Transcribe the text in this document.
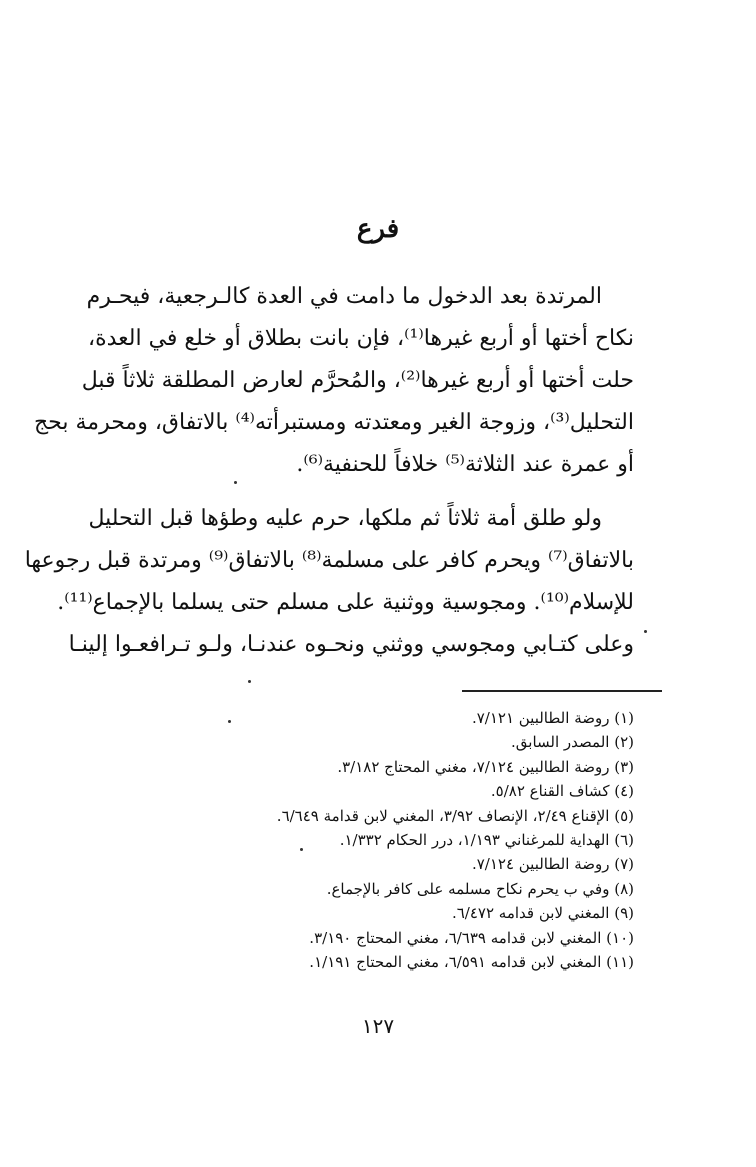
فرع
المرتدة بعد الدخول ما دامت في العدة كالـرجعية، فيحـرم
نكاح أختها أو أربع غيرها⁽¹⁾، فإن بانت بطلاق أو خلع في العدة،
حلت أختها أو أربع غيرها⁽²⁾، والمُحرَّم لعارض المطلقة ثلاثاً قبل
التحليل⁽³⁾، وزوجة الغير ومعتدته ومستبرأته⁽⁴⁾ بالاتفاق، ومحرمة بحج
أو عمرة عند الثلاثة⁽⁵⁾ خلافاً للحنفية⁽⁶⁾.
ولو طلق أمة ثلاثاً ثم ملكها، حرم عليه وطؤها قبل التحليل
بالاتفاق⁽⁷⁾ ويحرم كافر على مسلمة⁽⁸⁾ بالاتفاق⁽⁹⁾ ومرتدة قبل رجوعها
للإسلام⁽¹⁰⁾. ومجوسية ووثنية على مسلم حتى يسلما بالإجماع⁽¹¹⁾.
وعلى كتـابي ومجوسي ووثني ونحـوه عندنـا، ولـو تـرافعـوا إلينـا
(١) روضة الطالبين ٧/١٢١.
(٢) المصدر السابق.
(٣) روضة الطالبين ٧/١٢٤، مغني المحتاج ٣/١٨٢.
(٤) كشاف القناع ٥/٨٢.
(٥) الإقناع ٢/٤٩، الإنصاف ٣/٩٢، المغني لابن قدامة ٦/٦٤٩.
(٦) الهداية للمرغناني ١/١٩٣، درر الحكام ١/٣٣٢.
(٧) روضة الطالبين ٧/١٢٤.
(٨) وفي ب يحرم نكاح مسلمه على كافر بالإجماع.
(٩) المغني لابن قدامه ٦/٤٧٢.
(١٠) المغني لابن قدامه ٦/٦٣٩، مغني المحتاج ٣/١٩٠.
(١١) المغني لابن قدامه ٦/٥٩١، مغني المحتاج ١/١٩١.
١٢٧
